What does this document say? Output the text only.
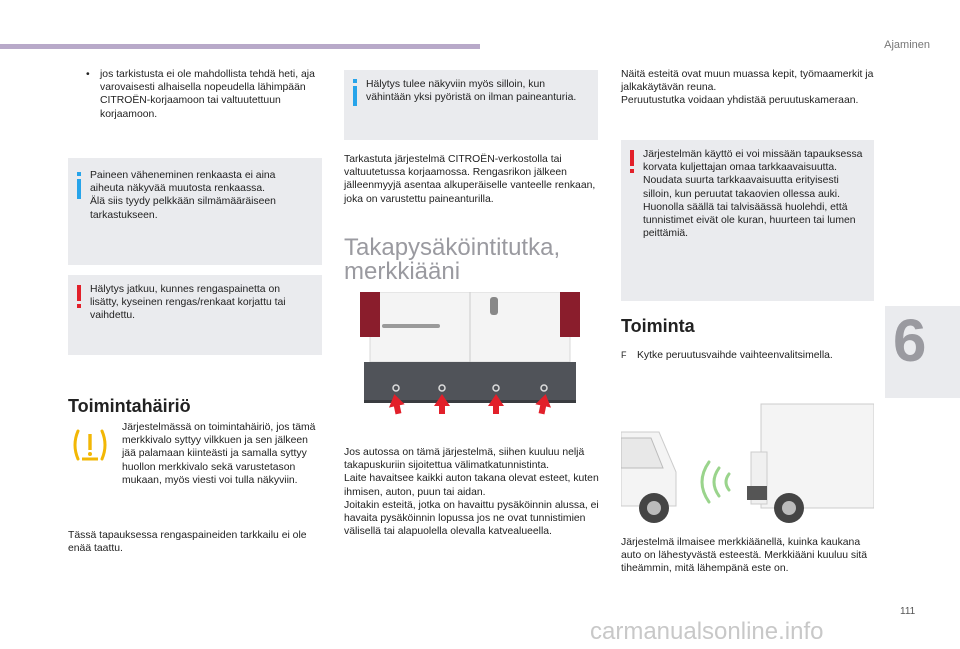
Ajaminen
6
• jos tarkistusta ei ole mahdollista tehdä heti, aja varovaisesti alhaisella nopeudella lähimpään CITROËN-korjaamoon tai valtuutettuun korjaamoon.
Paineen väheneminen renkaasta ei aina aiheuta näkyvää muutosta renkaassa.
Älä siis tyydy pelkkään silmämääräiseen tarkastukseen.
Hälytys jatkuu, kunnes rengaspainetta on lisätty, kyseinen rengas/renkaat korjattu tai vaihdettu.
Toimintahäiriö
Järjestelmässä on toimintahäiriö, jos tämä merkkivalo syttyy vilkkuen ja sen jälkeen jää palamaan kiinteästi ja samalla syttyy huollon merkkivalo sekä varustetason mukaan, myös viesti voi tulla näkyviin.
Tässä tapauksessa rengaspaineiden tarkkailu ei ole enää taattu.
Hälytys tulee näkyviin myös silloin, kun vähintään yksi pyöristä on ilman paineanturia.
Tarkastuta järjestelmä CITROËN-verkostolla tai valtuutetussa korjaamossa. Rengasrikon jälkeen jälleenmyyjä asentaa alkuperäiselle vanteelle renkaan, joka on varustettu paineanturilla.
Takapysäköintitutka, merkkiääni
Jos autossa on tämä järjestelmä, siihen kuuluu neljä takapuskuriin sijoitettua välimatkatunnistinta.
Laite havaitsee kaikki auton takana olevat esteet, kuten ihmisen, auton, puun tai aidan.
Joitakin esteitä, jotka on havaittu pysäköinnin alussa, ei havaita pysäköinnin lopussa jos ne ovat tunnistimien välisellä tai alapuolella olevalla katvealueella.
Näitä esteitä ovat muun muassa kepit, työmaamerkit ja jalkakäytävän reuna.
Peruutustutka voidaan yhdistää peruutuskameraan.
Järjestelmän käyttö ei voi missään tapauksessa korvata kuljettajan omaa tarkkaavaisuutta.
Noudata suurta tarkkaavaisuutta erityisesti silloin, kun peruutat takaovien ollessa auki.
Huonolla säällä tai talvisäässä huolehdi, että tunnistimet eivät ole kuran, huurteen tai lumen peittämiä.
Toiminta
F Kytke peruutusvaihde vaihteenvalitsimella.
Järjestelmä ilmaisee merkkiäänellä, kuinka kaukana auto on lähestyvästä esteestä. Merkkiääni kuuluu sitä tiheämmin, mitä lähempänä este on.
111
carmanualsonline.info
